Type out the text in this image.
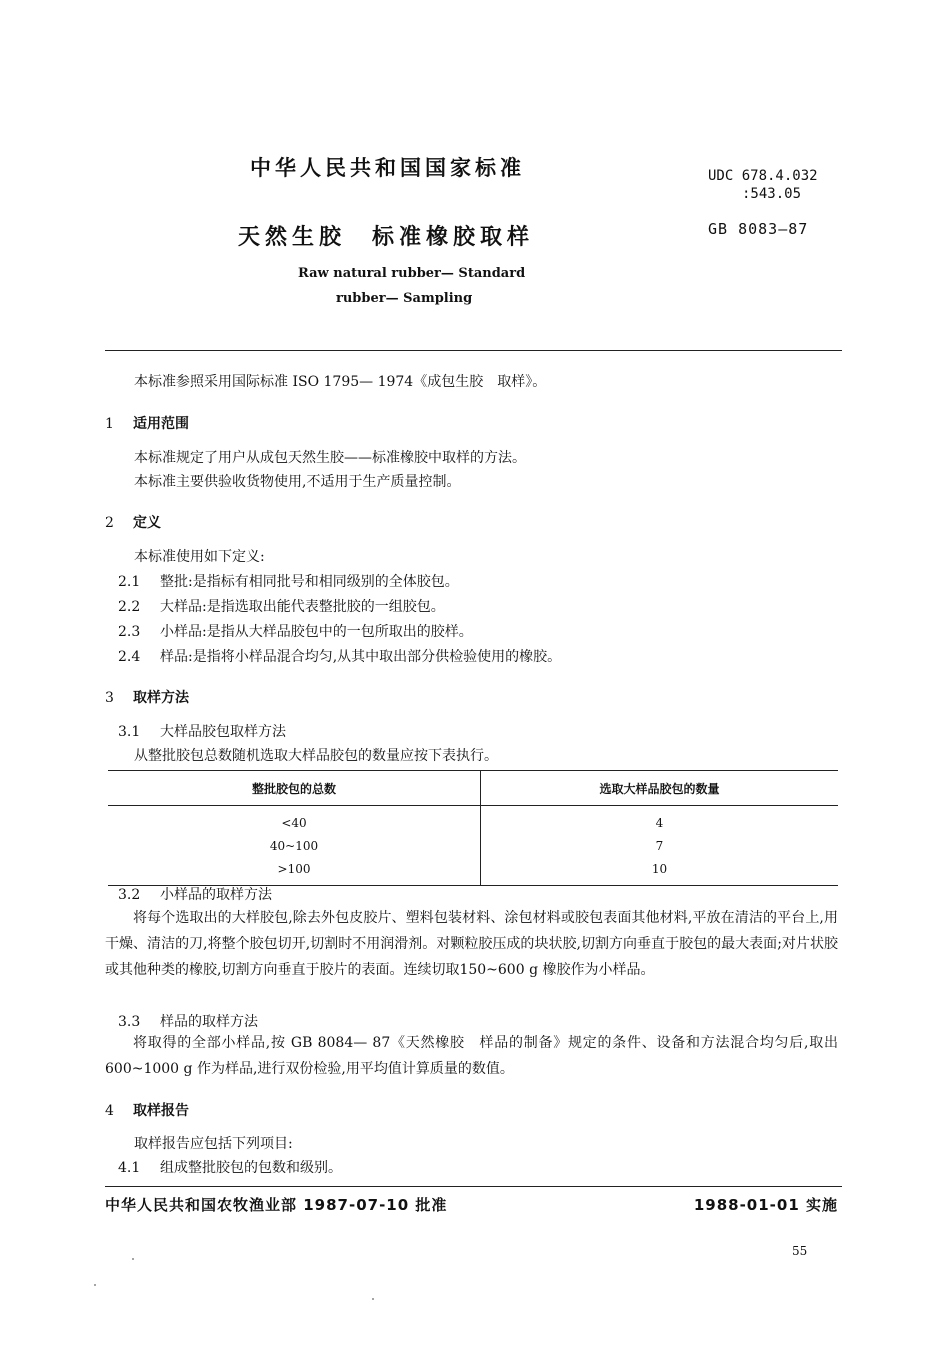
中华人民共和国国家标准	UDC 678.4.032
:543.05
天然生胶 标准橡胶取样	GB 8083—87
Raw natural rubber— Standard
rubber— Sampling
本标准参照采用国际标准 ISO 1795— 1974《成包生胶　取样》。
1 适用范围
本标准规定了用户从成包天然生胶——标准橡胶中取样的方法。
本标准主要供验收货物使用,不适用于生产质量控制。
2 定义
本标准使用如下定义:
2.1 整批:是指标有相同批号和相同级别的全体胶包。
2.2 大样品:是指选取出能代表整批胶的一组胶包。
2.3 小样品:是指从大样品胶包中的一包所取出的胶样。
2.4 样品:是指将小样品混合均匀,从其中取出部分供检验使用的橡胶。
3 取样方法
3.1 大样品胶包取样方法
从整批胶包总数随机选取大样品胶包的数量应按下表执行。
整批胶包的总数	选取大样品胶包的数量
<40	4
40~100	7
>100	10
3.2 小样品的取样方法
将每个选取出的大样胶包,除去外包皮胶片、塑料包装材料、涂包材料或胶包表面其他材料,平放在清洁的平台上,用干燥、清洁的刀,将整个胶包切开,切割时不用润滑剂。对颗粒胶压成的块状胶,切割方向垂直于胶包的最大表面;对片状胶或其他种类的橡胶,切割方向垂直于胶片的表面。连续切取150~600 g 橡胶作为小样品。
3.3 样品的取样方法
将取得的全部小样品,按 GB 8084— 87《天然橡胶　样品的制备》规定的条件、设备和方法混合均匀后,取出 600~1000 g 作为样品,进行双份检验,用平均值计算质量的数值。
4 取样报告
取样报告应包括下列项目:
4.1 组成整批胶包的包数和级别。
中华人民共和国农牧渔业部 1987-07-10 批准	1988-01-01 实施
55
